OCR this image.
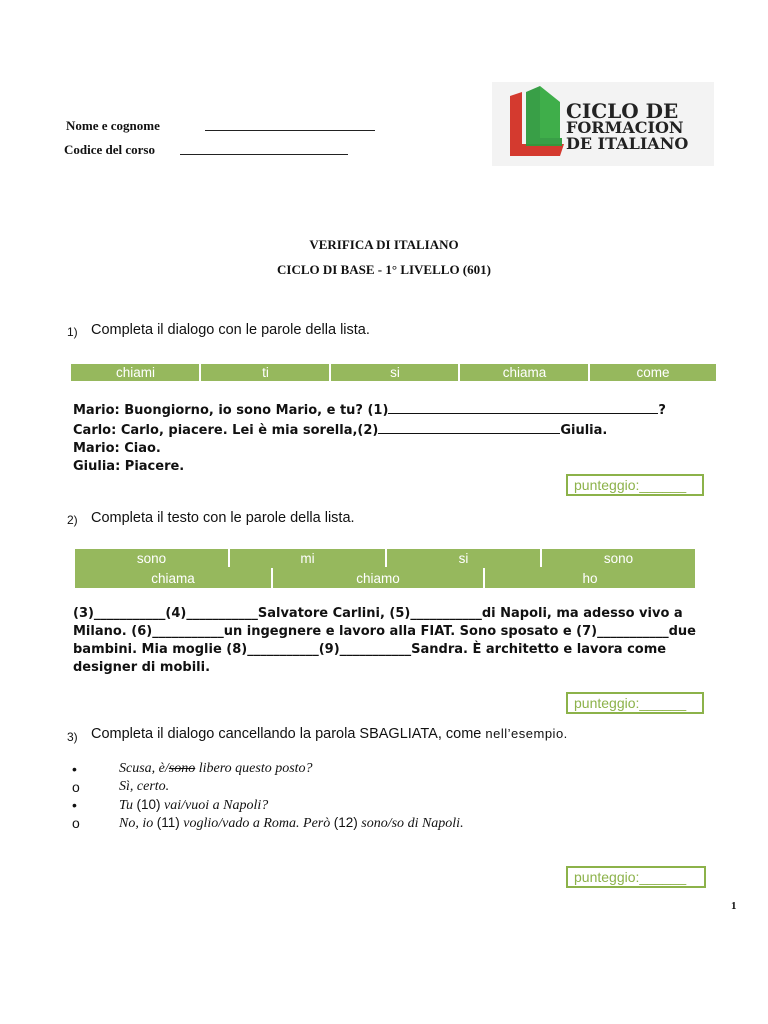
Nome e cognome
Codice del corso
CICLO DE
FORMACION
DE ITALIANO
VERIFICA DI ITALIANO
CICLO DI BASE - 1° LIVELLO (601)
1) Completa il dialogo con le parole della lista.
chiami	ti	si	chiama	come
Mario: Buongiorno, io sono Mario, e tu? (1)	?
Carlo: Carlo, piacere. Lei è mia sorella,(2)	Giulia.
Mario: Ciao.
Giulia: Piacere.
punteggio:______
2) Completa il testo con le parole della lista.
sono	mi	si	sono
chiama	chiamo	ho
(3)___________(4)___________Salvatore Carlini, (5)___________di Napoli, ma adesso vivo a
Milano. (6)___________un ingegnere e lavoro alla FIAT. Sono sposato e (7)___________due
bambini. Mia moglie (8)___________(9)___________Sandra. È architetto e lavora come
designer di mobili.
punteggio:______
3) Completa il dialogo cancellando la parola SBAGLIATA, come nell’esempio.
•	Scusa, è/sono libero questo posto?
o	Sì, certo.
•	Tu (10) vai/vuoi a Napoli?
o	No, io (11) voglio/vado a Roma. Però (12) sono/so di Napoli.
punteggio:______
1
